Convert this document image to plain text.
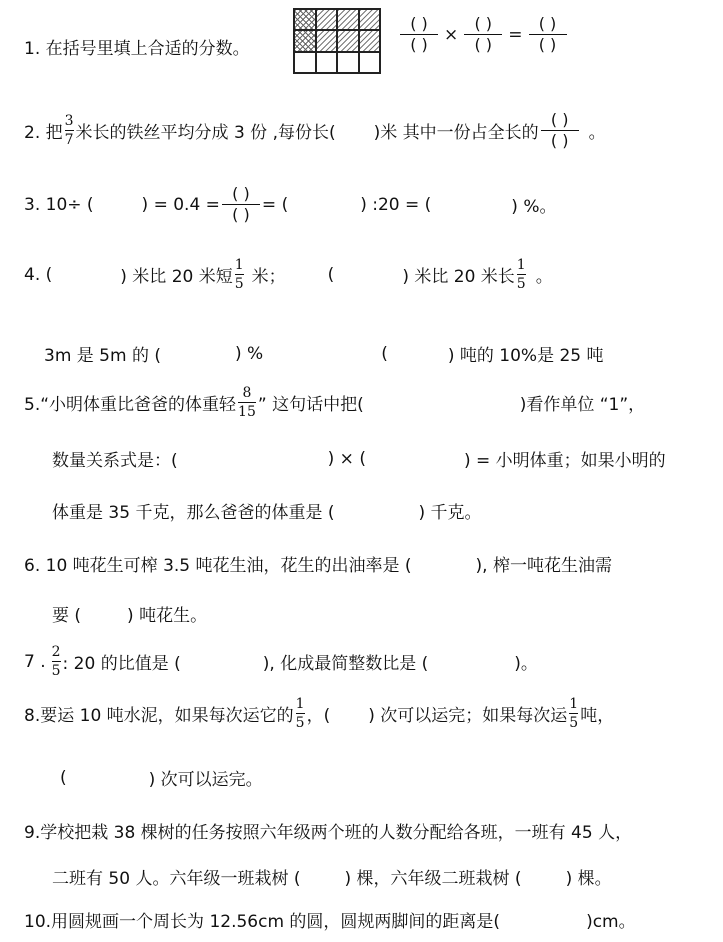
1. 在括号里填上合适的分数。	$\frac{( )}{( )} \times \frac{( )}{( )} = \frac{( )}{( )}$
2. 把 $\frac{3}{7}$ 米长的铁丝平均分成 3 份 ,每份长( )米 其中一份占全长的 $\frac{( )}{( )}$ 。
3. 10÷ (	) = $0.4 = \frac{( )}{( )}$ = (	) :20 = (	) %。
4. (	) 米比 20 米短 $\frac{1}{5}$ 米； (	) 米比 20 米长 $\frac{1}{5}$ 。
3m 是 5m 的 (	) %	(	) 吨的 10%是 25 吨
5.“小明体重比爸爸的体重轻 $\frac{8}{15}$ ” 这句话中把(	)看作单位 “1”，
数量关系式是：(	) × (	) = 小明体重；如果小明的
体重是 35 千克，那么爸爸的体重是 (	) 千克。
6. 10 吨花生可榨 3.5 吨花生油，花生的出油率是 (	), 榨一吨花生油需
要 (	) 吨花生。
7 . $\frac{2}{5}$ : 20 的比值是 (	), 化成最简整数比是 (	)。
8.要运 10 吨水泥，如果每次运它的 $\frac{1}{5}$ ，( ) 次可以运完；如果每次运 $\frac{1}{5}$ 吨，
(	) 次可以运完。
9.学校把栽 38 棵树的任务按照六年级两个班的人数分配给各班，一班有 45 人，
二班有 50 人。六年级一班栽树 (	) 棵，六年级二班栽树 (	) 棵。
10.用圆规画一个周长为 12.56cm 的圆，圆规两脚间的距离是(	)cm。
